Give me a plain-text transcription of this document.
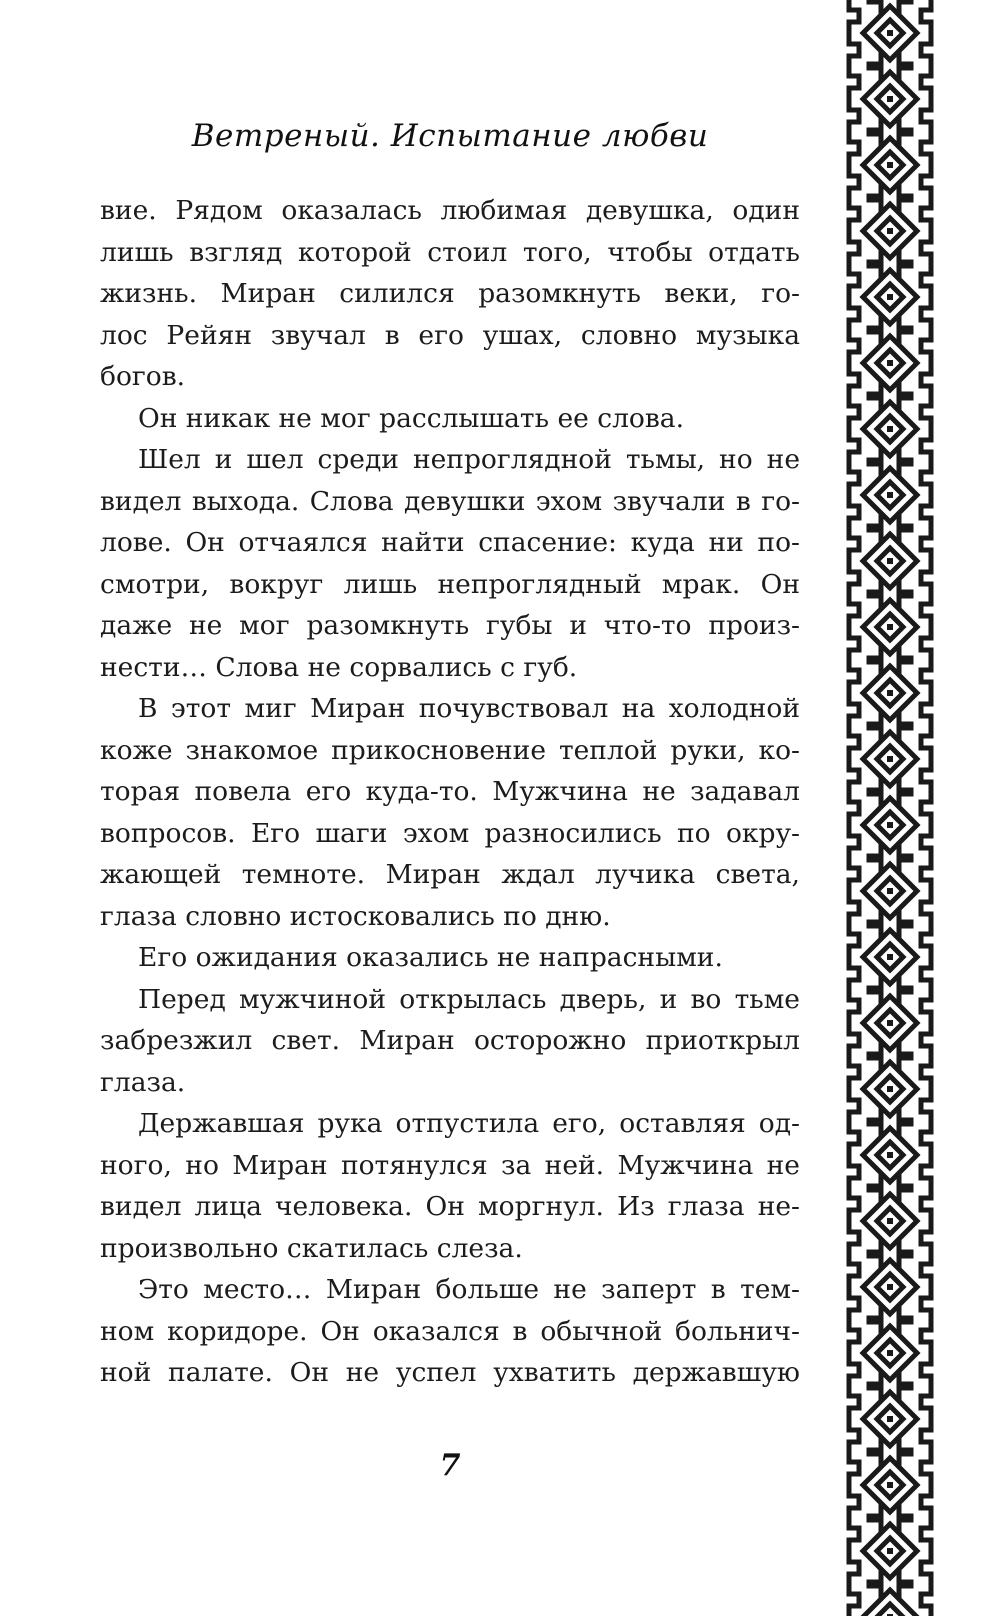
Ветреный. Испытание любви
вие. Рядом оказалась любимая девушка, один
лишь взгляд которой стоил того, чтобы отдать
жизнь. Миран силился разомкнуть веки, го-
лос Рейян звучал в его ушах, словно музыка
богов.
Он никак не мог расслышать ее слова.
Шел и шел среди непроглядной тьмы, но не
видел выхода. Слова девушки эхом звучали в го-
лове. Он отчаялся найти спасение: куда ни по-
смотри, вокруг лишь непроглядный мрак. Он
даже не мог разомкнуть губы и что-то произ-
нести… Слова не сорвались с губ.
В этот миг Миран почувствовал на холодной
коже знакомое прикосновение теплой руки, ко-
торая повела его куда-то. Мужчина не задавал
вопросов. Его шаги эхом разносились по окру-
жающей темноте. Миран ждал лучика света,
глаза словно истосковались по дню.
Его ожидания оказались не напрасными.
Перед мужчиной открылась дверь, и во тьме
забрезжил свет. Миран осторожно приоткрыл
глаза.
Державшая рука отпустила его, оставляя од-
ного, но Миран потянулся за ней. Мужчина не
видел лица человека. Он моргнул. Из глаза не-
произвольно скатилась слеза.
Это место… Миран больше не заперт в тем-
ном коридоре. Он оказался в обычной больнич-
ной палате. Он не успел ухватить державшую
7
